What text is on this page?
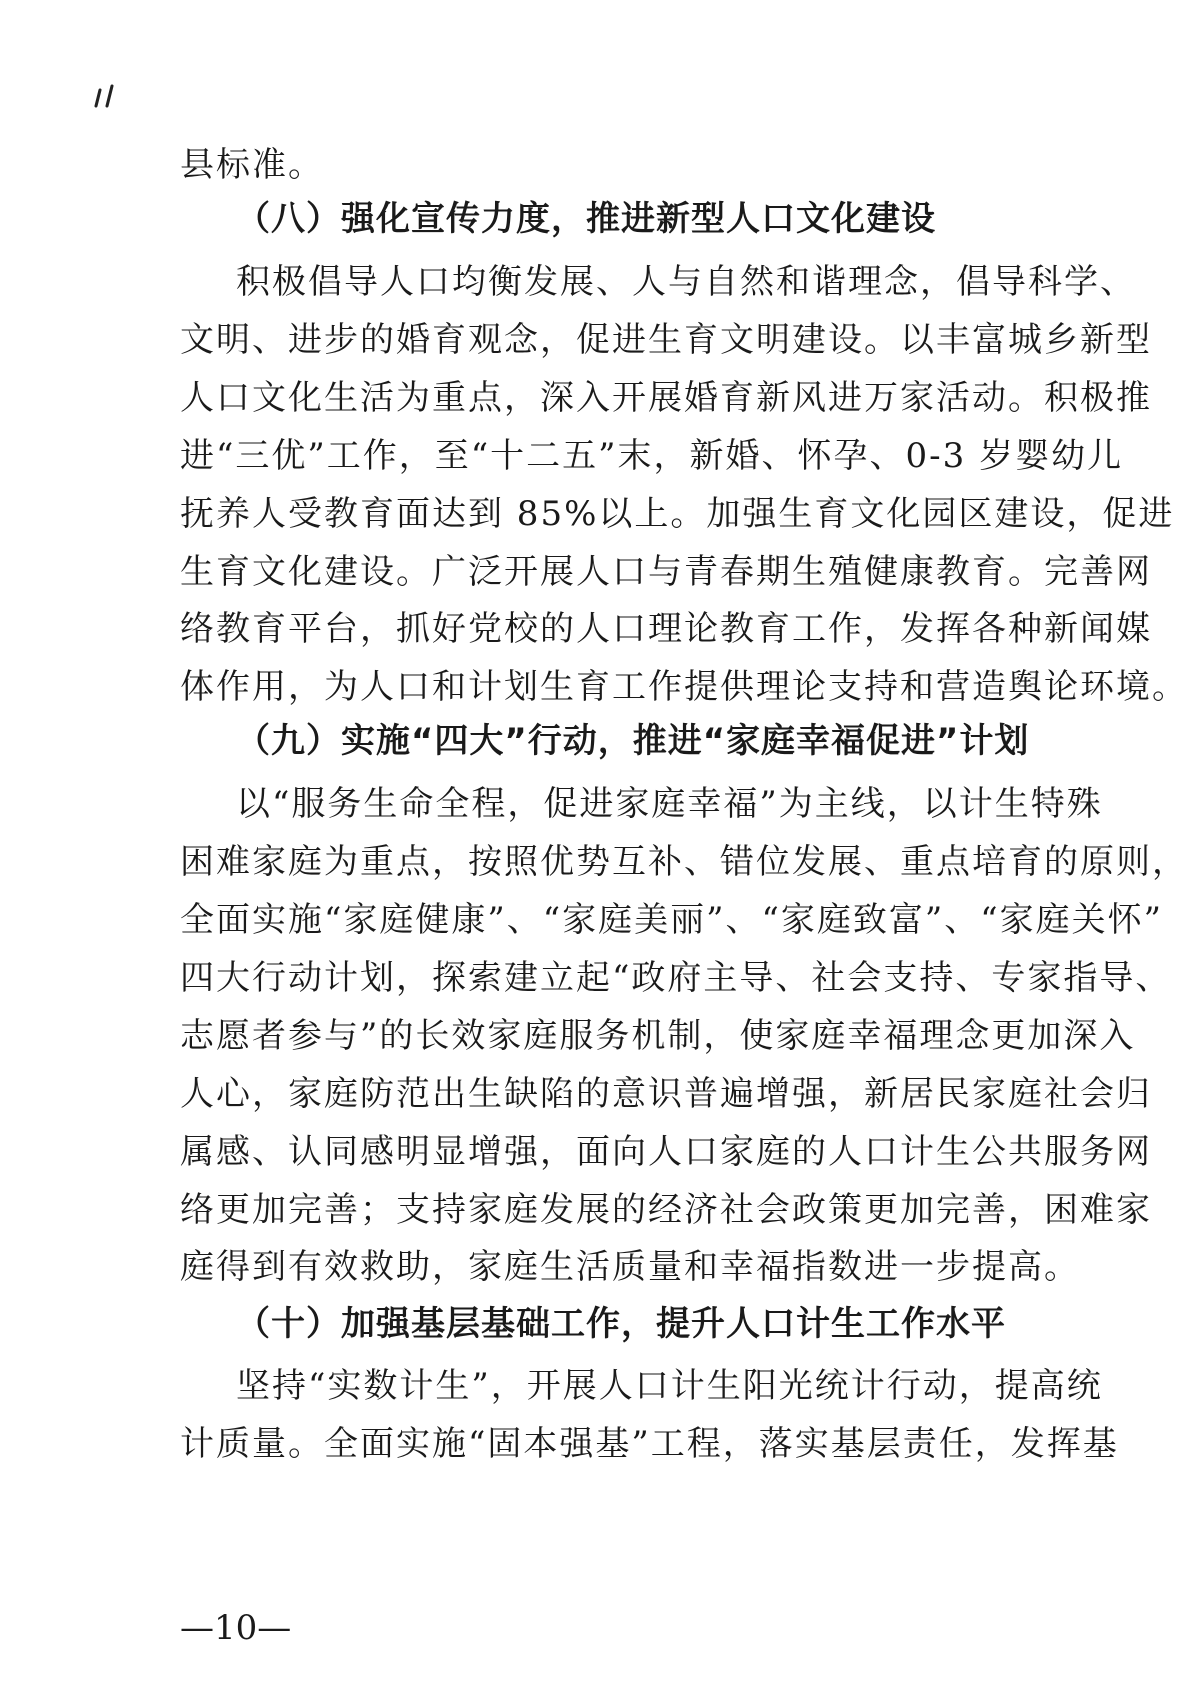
县标准。
（八）强化宣传力度，推进新型人口文化建设
积极倡导人口均衡发展、人与自然和谐理念，倡导科学、
文明、进步的婚育观念，促进生育文明建设。以丰富城乡新型
人口文化生活为重点，深入开展婚育新风进万家活动。积极推
进“三优”工作，至“十二五”末，新婚、怀孕、0-3 岁婴幼儿
抚养人受教育面达到 85%以上。加强生育文化园区建设，促进
生育文化建设。广泛开展人口与青春期生殖健康教育。完善网
络教育平台，抓好党校的人口理论教育工作，发挥各种新闻媒
体作用，为人口和计划生育工作提供理论支持和营造舆论环境。
（九）实施“四大”行动，推进“家庭幸福促进”计划
以“服务生命全程，促进家庭幸福”为主线，以计生特殊
困难家庭为重点，按照优势互补、错位发展、重点培育的原则，
全面实施“家庭健康”、“家庭美丽”、“家庭致富”、“家庭关怀”
四大行动计划，探索建立起“政府主导、社会支持、专家指导、
志愿者参与”的长效家庭服务机制，使家庭幸福理念更加深入
人心，家庭防范出生缺陷的意识普遍增强，新居民家庭社会归
属感、认同感明显增强，面向人口家庭的人口计生公共服务网
络更加完善；支持家庭发展的经济社会政策更加完善，困难家
庭得到有效救助，家庭生活质量和幸福指数进一步提高。
（十）加强基层基础工作，提升人口计生工作水平
坚持“实数计生”，开展人口计生阳光统计行动，提高统
计质量。全面实施“固本强基”工程，落实基层责任，发挥基
—10—
